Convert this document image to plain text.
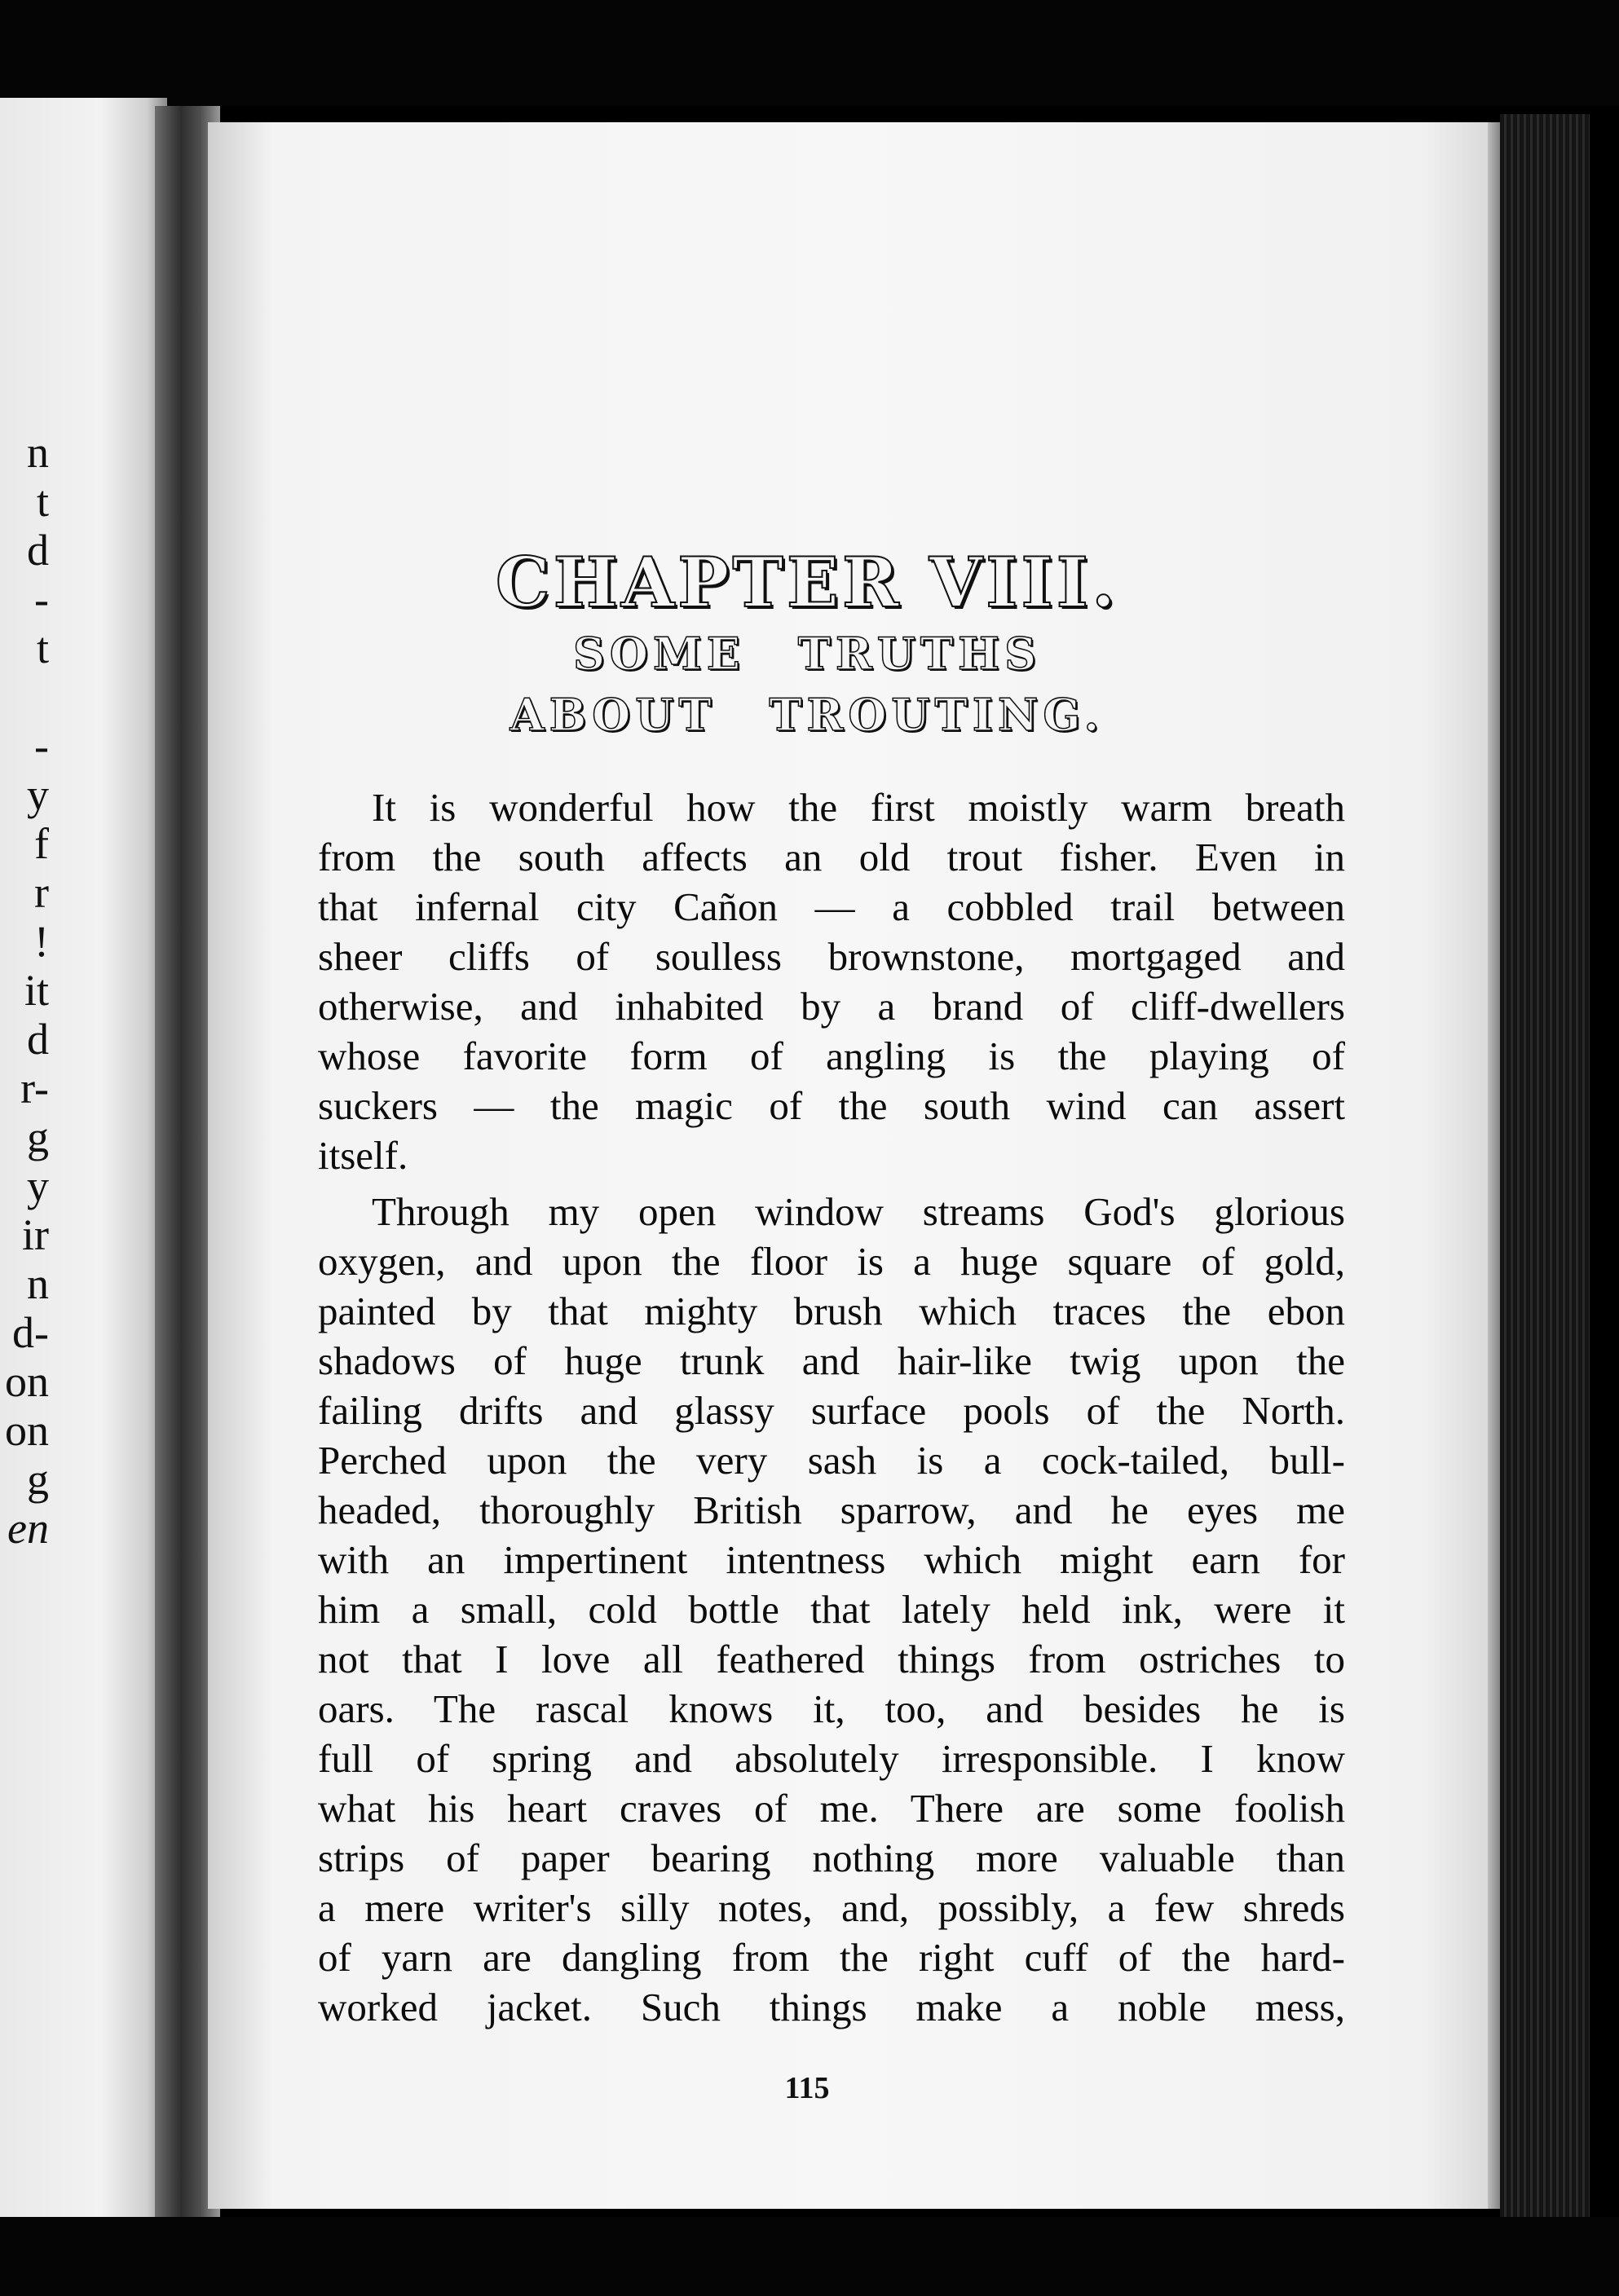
n
t
d
-
t
-
y
f
r
!
it
d
r-
g
y
ir
n
d-
on
on
g
en
CHAPTER VIII.
SOME TRUTHS
ABOUT TROUTING.

It is wonderful how the first moistly warm breath
from the south affects an old trout fisher. Even in
that infernal city Cañon — a cobbled trail between
sheer cliffs of soulless brownstone, mortgaged and
otherwise, and inhabited by a brand of cliff-dwellers
whose favorite form of angling is the playing of
suckers — the magic of the south wind can assert
itself.

Through my open window streams God's glorious
oxygen, and upon the floor is a huge square of gold,
painted by that mighty brush which traces the ebon
shadows of huge trunk and hair-like twig upon the
failing drifts and glassy surface pools of the North.
Perched upon the very sash is a cock-tailed, bull-
headed, thoroughly British sparrow, and he eyes me
with an impertinent intentness which might earn for
him a small, cold bottle that lately held ink, were it
not that I love all feathered things from ostriches to
oars. The rascal knows it, too, and besides he is
full of spring and absolutely irresponsible. I know
what his heart craves of me. There are some foolish
strips of paper bearing nothing more valuable than
a mere writer's silly notes, and, possibly, a few shreds
of yarn are dangling from the right cuff of the hard-
worked jacket. Such things make a noble mess,

115
